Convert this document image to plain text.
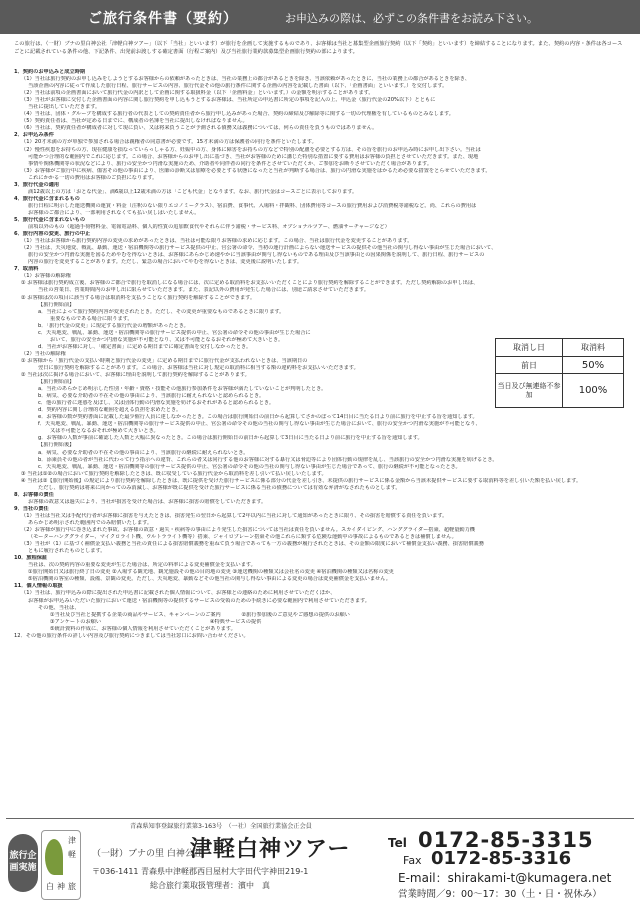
ご旅行条件書（要約）	お申込みの際は、必ずこの条件書をお読み下さい。

この旅行は、（一財）ブナの里白神公社「津軽白神ツアー」（以下「当社」といいます）が旅行を企画して実施するものであり、お客様は当社と募集型企画旅行契約（以下「契約」といいます）を締結することになります。また、契約の内容・条件は各コースごとに記載されている条件の他、下記条件、出発前お渡しする確定書面（行程ご案内）及び当社旅行業約款募集型企画旅行契約の部によります。

1．契約のお申込みと成立時期
（1）当社は旅行契約のお申し込みをしようとするお客様からの依頼があったときは、当社の業務上の都合があるときを除き、当該依頼があったときに、当社の業務上の都合があるときを除き、
当該企画の内容に従って作成した旅行日程、旅行サービスの内容、旅行代金その他の旅行条件に関する企画の内容を記載した書面（以下、「企画書面」といいます。）を交付します。
（2）当社は前項の企画書面において旅行代金の内訳として企画に関する取扱料金（以下「企画料金」といいます。）の金額を明示することがあります。
（3）当社がお客様に交付した企画書面の内容に関し旅行契約を申し込もうとするお客様は、当社所定の申込書に所定の事項を記入の上、申込金（旅行代金の20%以下）とともに
当社に提出していただきます。
（4）当社は、団体・グループを構成する旅行者の代表としての契約責任者から旅行申し込みがあった場合、契約の締結及び解除等に関する一切の代理権を有しているものとみなします。
（5）契約責任者は、当社が定める日までに、構成者の名簿を当社に提出しなければなりません。
（6）当社は、契約責任者が構成者に対して現に負い、又は将来負うことが予測される債務又は義務については、何らの責任を負うものではありません。
2．お申込み条件
（1）20才未満の方が単独で参加される場合は親権者の同意書が必要です。15才未満の方は保護者の同行を条件といたします。
（2）慢性疾患をお持ちの方、現在健康を損なっていらっしゃる方、妊娠中の方、身体に障害をお持ちの方などで特別の配慮を必要とする方は、その旨を旅行のお申込み時にお申し出下さい。当社は
可能かつ合理的な範囲内でこれに応じます。この場合、お客様からのお申し出に基づき、当社がお客様のために講じた特別な措置に要する費用はお客様の負担とさせていただきます。また、現地
事情や関係機関等の状況などにより、旅行の安全かつ円滑な実施のため、介助者や同伴者の同行を条件とさせていただくか、ご参加をお断りさせていただく場合があります。
（3）お客様がご旅行中に疾病、傷害その他の事由により、医師の診断又は加療を必要とする状態になったと当社が判断する場合は、旅行の円滑な実施をはかるため必要な措置をとらせていただきます。
これにかかる一切の費用はお客様のご負担になります。
3．旅行代金の適用
満12歳以上の方は「おとな代金」、満6歳以上12歳未満の方は「こども代金」となります。なお、旅行代金はコースごとに表示しております。
4．旅行代金に含まれるもの
旅行日程に明示した運送機関の運賃・料金（注釈のない限りエコノミークラス）、宿泊費、食事代、入場料・拝観料、団体費用等コースの旅行費用および消費税等諸税など。尚、これらの費用は
お客様のご都合により、一部利用されなくても払い戻しはいたしません。
5．旅行代金に含まれないもの
前項以外のもの（超過手荷物料金、電報電話料、個人的性質の追加飲食代やそれらに伴う諸税・サービス料、オプショナルツアー、燃油サーチャージなど）
6．旅行内容の変更、旅行の中止
（1）当社はお客様から旅行契約内容の変更の求めがあったときは、当社は可能な限りお客様の求めに応じます。この場合、当社は旅行代金を変更することがあります。
（2）当社は、天災地変、戦乱、暴動、運送・宿泊機関等の旅行サービス提供の中止、官公署の命令、当初の運行計画によらない運送サービスの提供その他当社の関与し得ない事由が生じた場合において、
旅行の安全かつ円滑な実施を図るためやむを得ないときは、お客様にあらかじめ速やかに当該事由が関与し得ないものである理由及び当該事由との因果関係を説明して、旅行日程、旅行サービスの
内容の旅行を変更することがあります。ただし、緊急の場合においてやむを得ないときは、変更後に説明いたします。
7．取消料
（1）お客様の解除権
① お客様は旅行契約成立後、お客様のご都合で旅行を取消しになる場合には、次に定める取消料をお支払いいただくことにより旅行契約を解除することができます。ただし契約解除のお申し出は、
当社の営業日、営業時間内のお申し出に限らせていただきます。また、表記以外の費用が発生した場合には、別途ご請求させていただきます。
② お客様は次の項目に該当する場合は取消料を支払うことなく旅行契約を解除することができます。
【旅行開始前】
a．当社によって旅行契約内容が変更されたとき。ただし、その変更が重要なものであるときに限ります。
重要なものである場合に限ります。
b．「旅行代金の変更」に規定する旅行代金の増額があったとき。
c．天災地変、戦乱、暴動、運送・宿泊機関等の旅行サービス提供の中止、官公署の命令その他の事由が生じた場合に
おいて、旅行の安全かつ円滑な実施が不可能となり、又は不可能となるおそれが極めて大きいとき。
d．当社がお客様に対し、「確定書面」に定める期日までに確定書面を交付しなかったとき。
（2）当社の解除権
① お客様から「旅行代金の支払い時期と旅行代金の変更」に定める期日までに旅行代金が支払われないときは、当該期日の
翌日に旅行契約を解除することがあります。この場合、お客様は当社に対し規定の取消料に相当する額の違約料をお支払いいただきます。
② 当社は次に掲げる場合において、お客様に理由を説明して旅行契約を解除することがあります。
【旅行開始前】
a．当社のあらかじめ明示した性別・年齢・資格・技能その他旅行参加条件をお客様が満たしていないことが判明したとき。
b．病気、必要な介助者の不在その他の事由により、当該旅行に耐えられないと認められるとき。
c．他の旅行者に迷惑を及ぼし、又は団体行動の円滑な実施を妨げるおそれがあると認められるとき。
d．契約内容に関し合理的な範囲を超える負担を求めたとき。
e．お客様の数が契約書面に記載した最少催行人員に達しなかったとき。この場合は旅行開始日の前日から起算してさかのぼって14日目に当たる日より前に旅行を中止する旨を通知します。
f．天災地変、戦乱、暴動、運送・宿泊機関等の旅行サービス提供の中止、官公署の命令その他の当社の関与し得ない事由が生じた場合において、旅行の安全かつ円滑な実施が不可能となり、
又は不可能となるおそれが極めて大きいとき。
g．お客様の人数が事前に確認した人数と大幅に異なったとき。この場合は旅行開始日の前日から起算して3日目に当たる日より前に旅行を中止する旨を通知します。
【旅行開始後】
a．病気、必要な介助者の不在その他の事由により、当該旅行の継続に耐えられないとき。
b．添乗員その他の者が当社に代わって行う指示への違背、これらの者又は同行する他のお客様に対する暴行又は脅迫等により団体行動の規律を乱し、当該旅行の安全かつ円滑な実施を妨げるとき。
c．天災地変、戦乱、暴動、運送・宿泊機関等の旅行サービス提供の中止、官公署の命令その他の当社の関与し得ない事由が生じた場合であって、旅行の継続が不可能となったとき。
③ 当社は①②の場合において旅行契約を解除したときは、既に収受している旅行代金から取消料を差し引いて払い戻しいたします。
④ 当社は②【旅行開始後】の規定により旅行契約を解除したときは、既に提供を受けた旅行サービスに係る部分の代金を差し引き、未提供の旅行サービスに係る金額から当該未提供サービスに要する取消料等を差し引いた額を払い戻します。
ただし、旅行契約は将来に向かってのみ消滅し、お客様が既に提供を受けた旅行サービスに係る当社の債務については有効な弁済がなされたものとします。
8．お客様の責任
お客様の故意又は過失により、当社が損害を受けた場合は、お客様に損害の賠償をしていただきます。
9．当社の責任
（1）当社は当社又は手配代行者がお客様に損害を与えたときは、損害発生の翌日から起算して2年以内に当社に対して通知があったときに限り、その損害を賠償する責任を負います。
あらかじめ明示された範囲内でのみ賠償いたします。
（2）お客様が旅行中に巻き込まれた事故、お客様の故意・過失・疾病等の事由により発生した損害については当社は責任を負いません。スカイダイビング、ハンググライダー搭乗、超軽量動力機
（モーターハンググライダー、マイクロライト機、ウルトラライト機等）搭乗、ジャイロプレーン搭乗その他これらに類する危険な運動中の事故によるものであるときは補償しません。
（3）当社が（1）に基づく補償金支払い義務と当社の責任による損害賠償義務を重ねて負う場合であっても一方の義務が履行されたときは、その金額の限度において補償金支払い義務、損害賠償義務
ともに履行されたものとします。
10．旅程保証
当社は、次の契約内容の重要な変更が生じた場合は、所定の料率による変更補償金を支払います。
①旅行開始日又は旅行終了日の変更 ②入場する観光地、観光施設その他の目的地の変更 ③運送機関の種類又は会社名の変更 ④宿泊機関の種類又は名称の変更
⑤宿泊機関の客室の種類、設備、景観の変更。ただし、天災地変、暴動などその他当社の関与し得ない事由による変更の場合は変更補償金を支払いません。
11．個人情報の取扱
（1）当社は、旅行申込みの際に提出された申込書に記載された個人情報について、お客様との連絡のために利用させていただくほか、
お客様がお申込みいただいた旅行において運送・宿泊機関等の提供するサービスの受領のための手続きに必要な範囲内で利用させていただきます。
その他、当社は、
①当社及び当社と提携する企業の商品やサービス、キャンペーンのご案内　　　　②旅行参加後のご意見やご感想の提供のお願い
③アンケートのお願い　　　　　　　　　　　　　　　　　　　　　④特典サービスの提供
⑤統計資料の作成に、お客様の個人情報を利用させていただくことがあります。
12．その他の旅行条件の詳しい内容及び旅行契約につきましては当社窓口にお問い合わせください。
取消し日	取消料
前日	50%
当日及び無連絡不参加	100%
青森県知事登録旅行業第3-163号　（一社）全国旅行業協会正会員
旅行企画実施
津
軽
白 神 旅
（一財）ブナの里 白神公社
津軽白神ツアー
〒036-1411 青森県中津軽郡西目屋村大字田代字神田219-1
総合旅行業取扱管理者：濱中　真
Tel 0172-85-3315
Fax 0172-85-3316
E-mail：shirakami-t@kumagera.net
営業時間／9：00〜17：30（土・日・祝休み）
